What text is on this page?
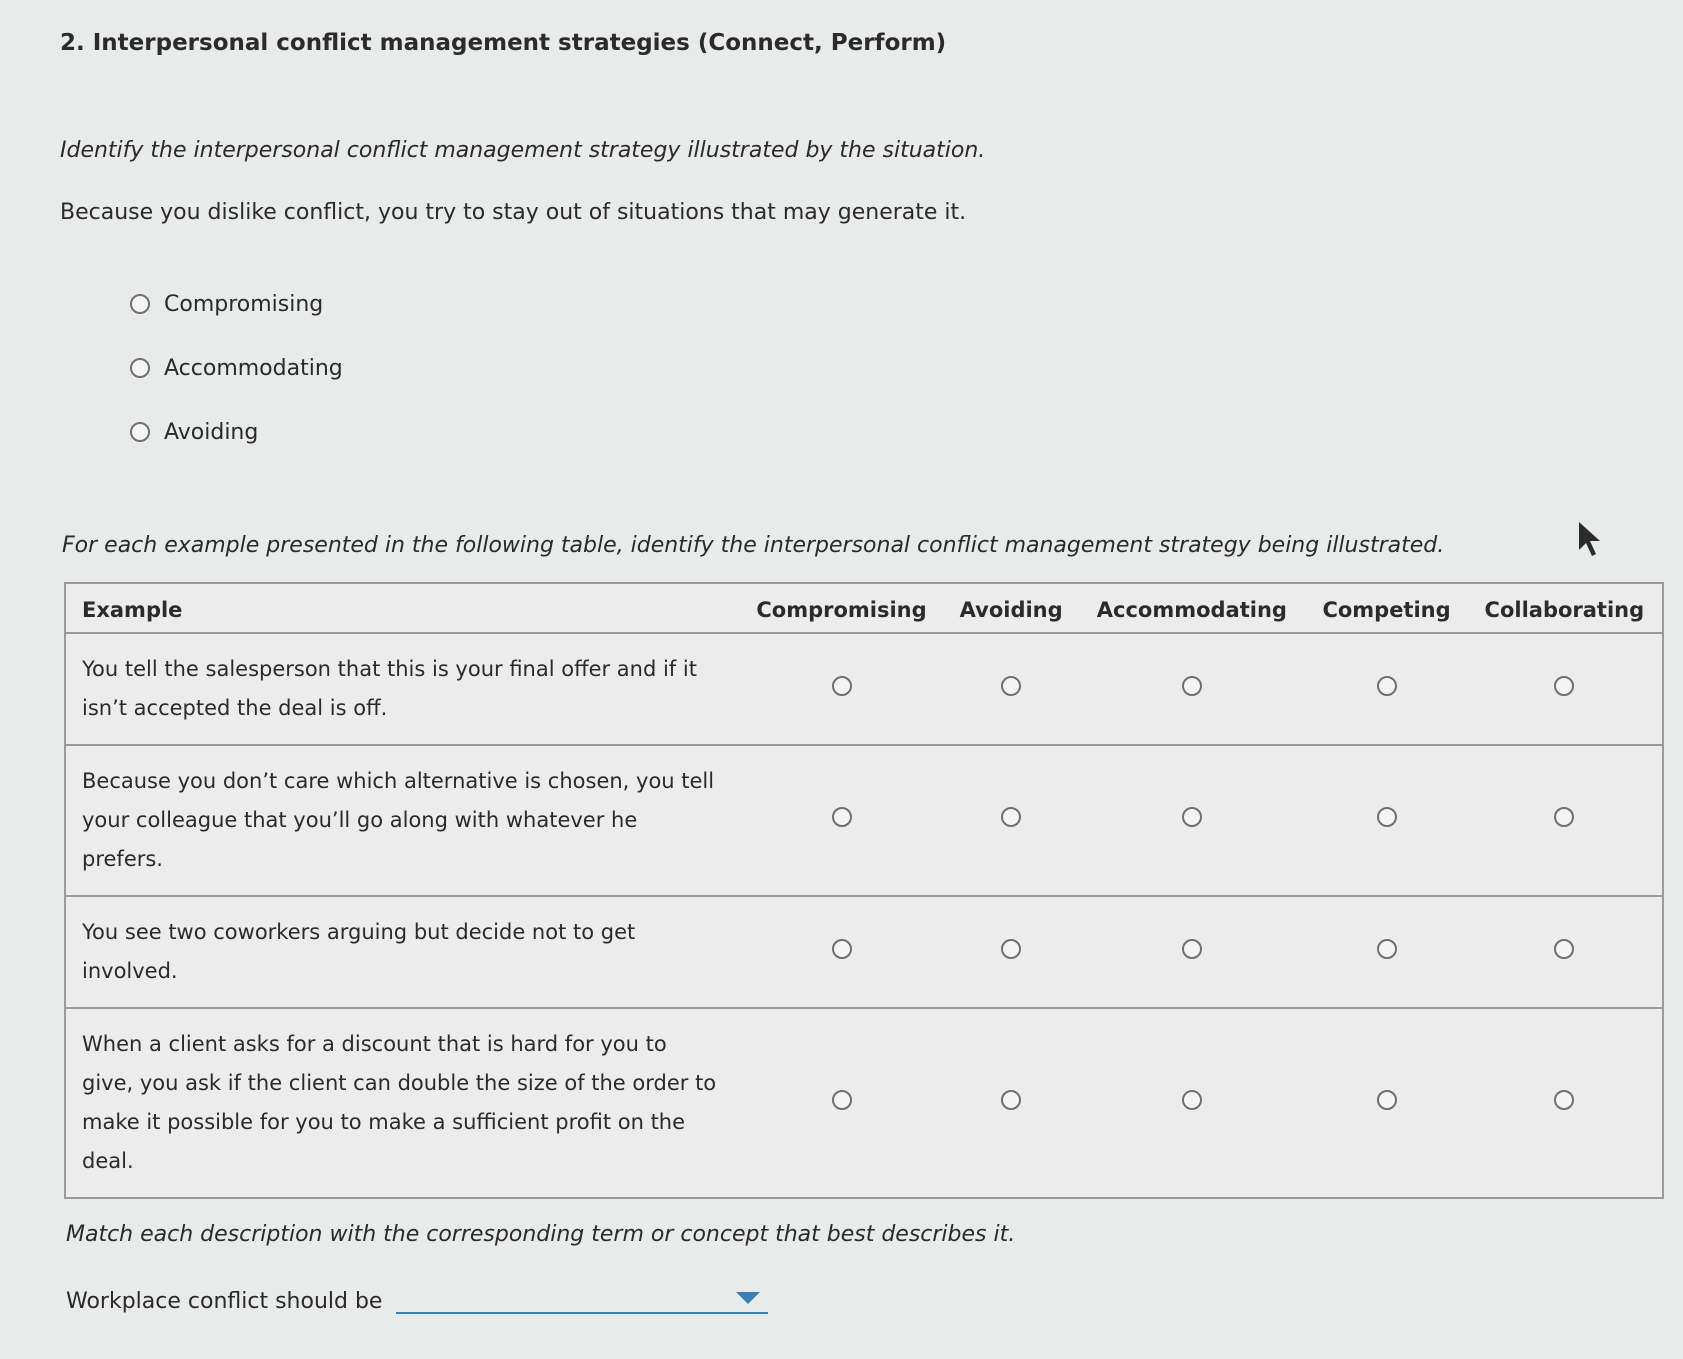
2. Interpersonal conflict management strategies (Connect, Perform)
Identify the interpersonal conflict management strategy illustrated by the situation.
Because you dislike conflict, you try to stay out of situations that may generate it.
Compromising
Accommodating
Avoiding
For each example presented in the following table, identify the interpersonal conflict management strategy being illustrated.
Example	Compromising	Avoiding	Accommodating	Competing	Collaborating
You tell the salesperson that this is your final offer and if it isn’t accepted the deal is off.					
Because you don’t care which alternative is chosen, you tell your colleague that you’ll go along with whatever he prefers.					
You see two coworkers arguing but decide not to get involved.					
When a client asks for a discount that is hard for you to give, you ask if the client can double the size of the order to make it possible for you to make a sufficient profit on the deal.					
Match each description with the corresponding term or concept that best describes it.
Workplace conflict should be
